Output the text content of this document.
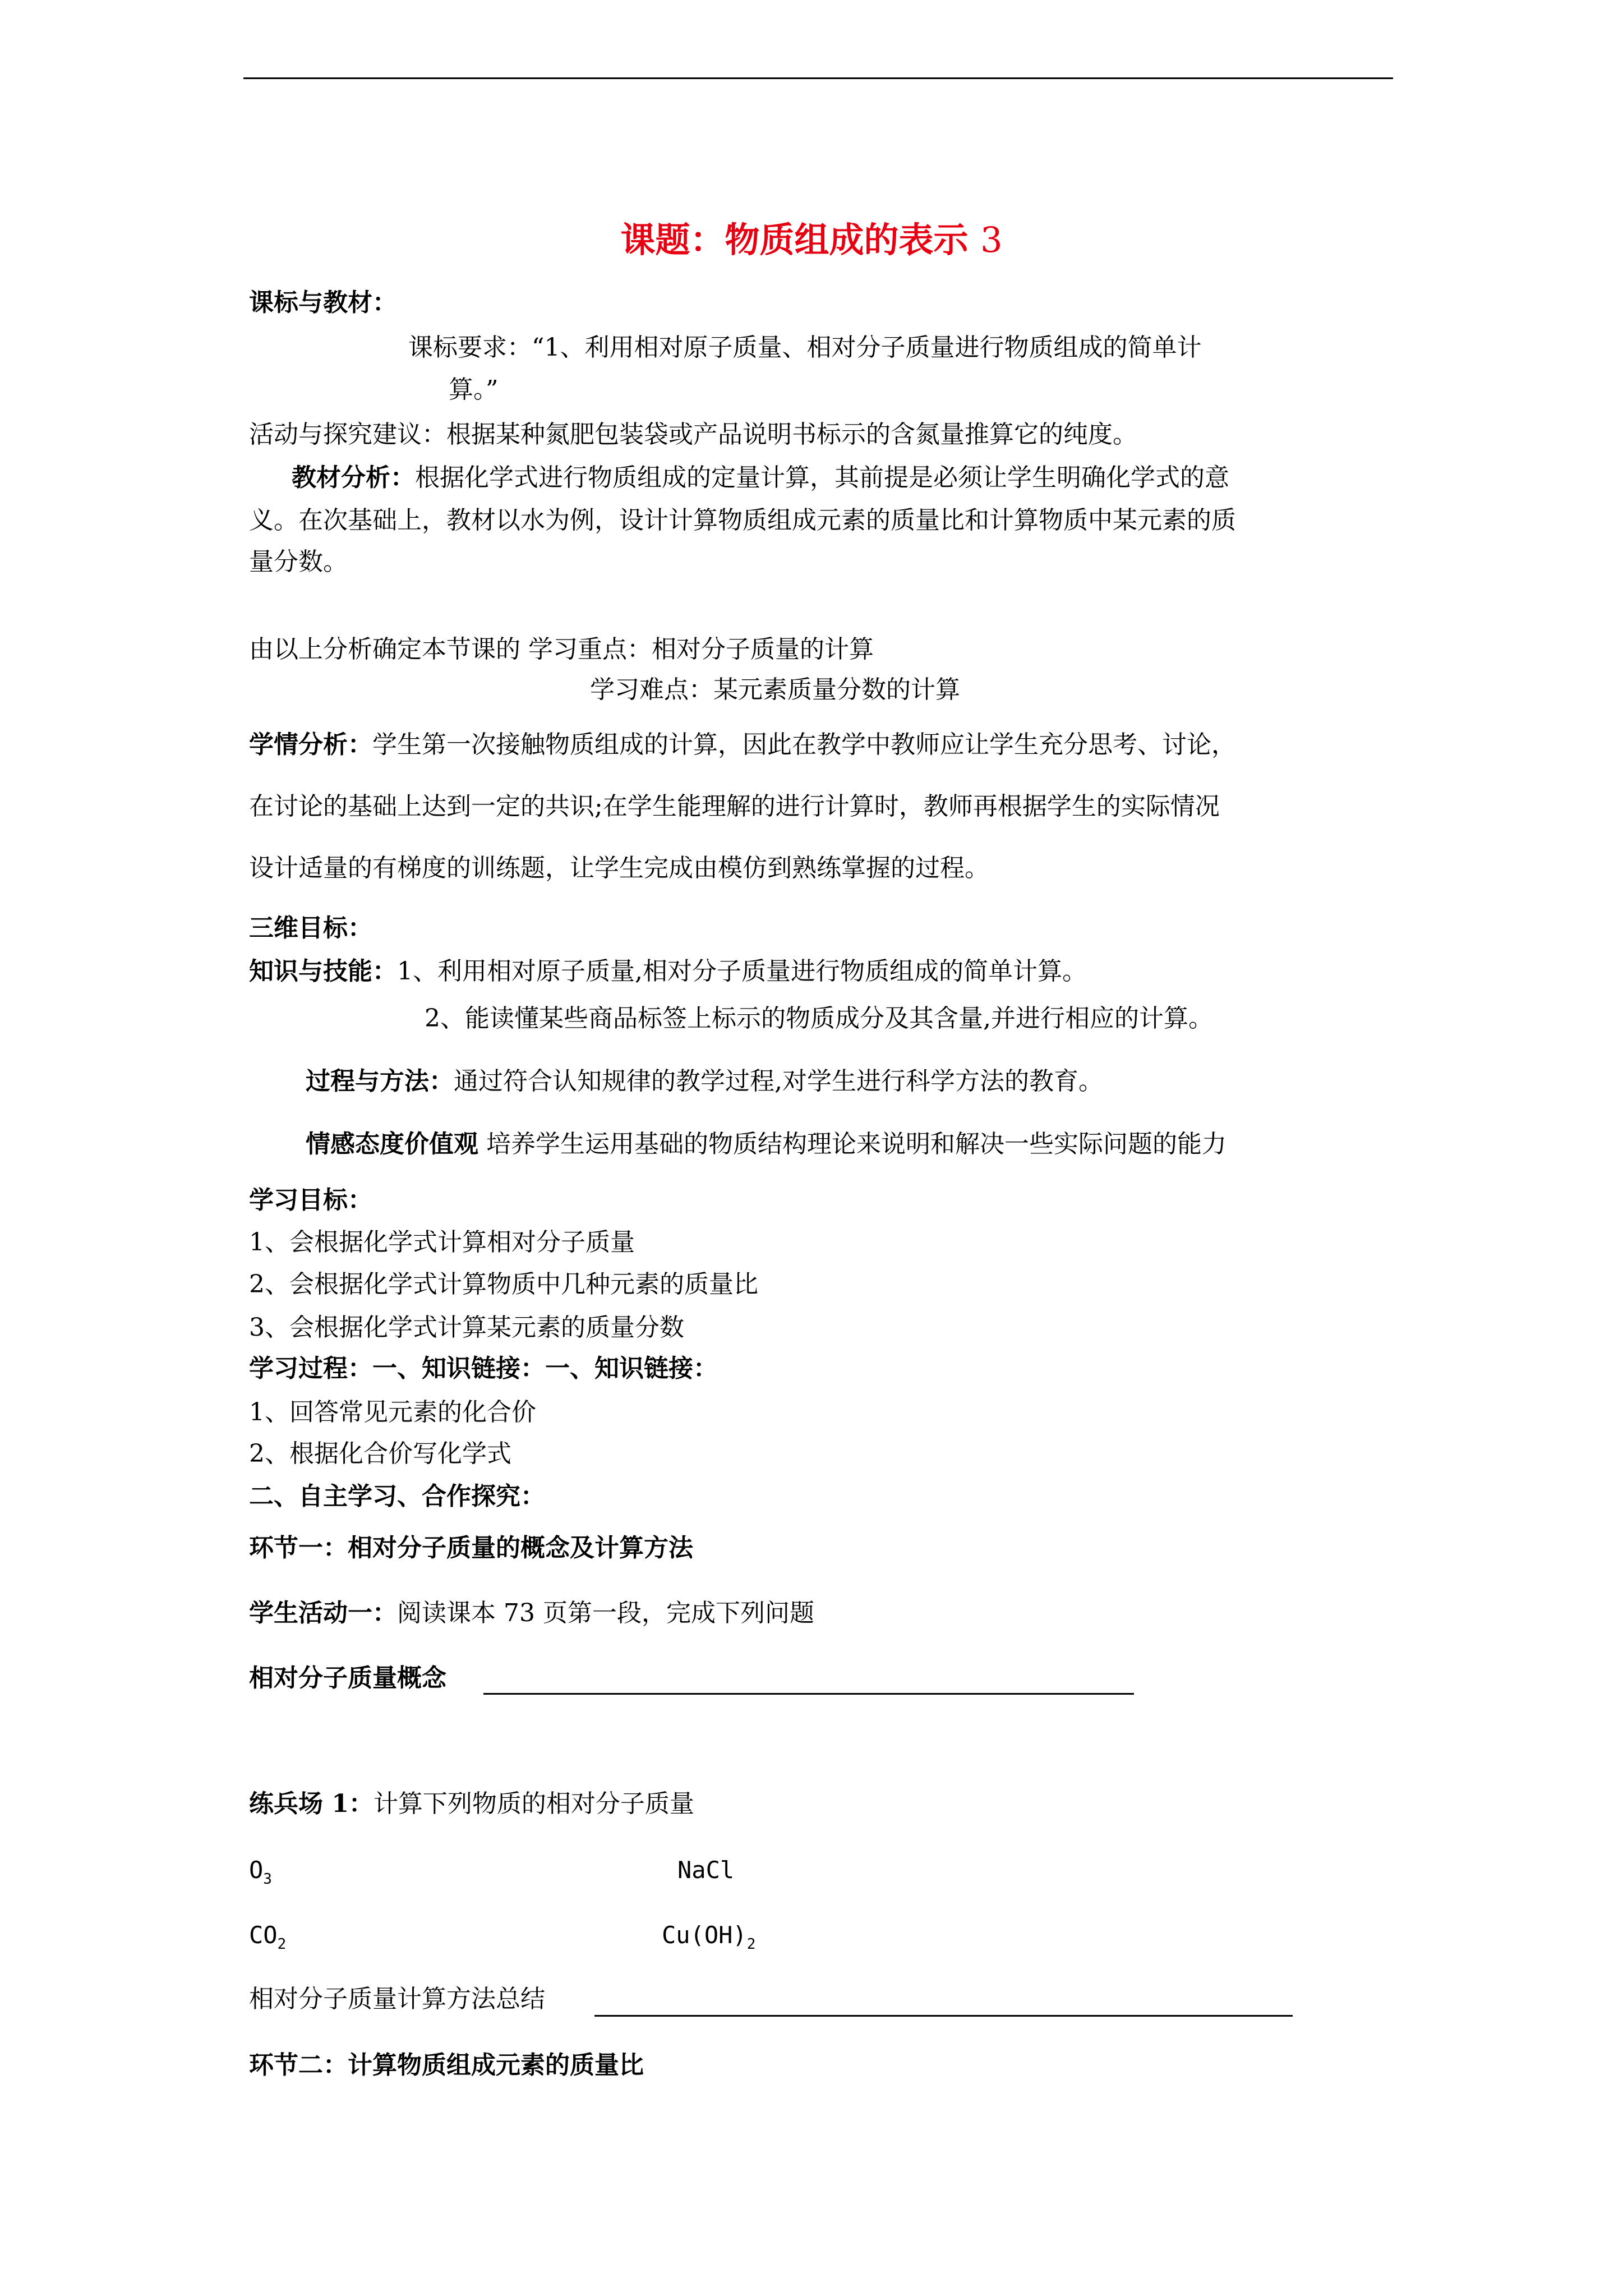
课题：物质组成的表示 3
课标与教材：
课标要求：“1、利用相对原子质量、相对分子质量进行物质组成的简单计
算。”
活动与探究建议：根据某种氮肥包装袋或产品说明书标示的含氮量推算它的纯度。
教材分析：根据化学式进行物质组成的定量计算，其前提是必须让学生明确化学式的意
义。在次基础上，教材以水为例，设计计算物质组成元素的质量比和计算物质中某元素的质
量分数。
由以上分析确定本节课的 学习重点：相对分子质量的计算
学习难点：某元素质量分数的计算
学情分析：学生第一次接触物质组成的计算，因此在教学中教师应让学生充分思考、讨论，
在讨论的基础上达到一定的共识;在学生能理解的进行计算时，教师再根据学生的实际情况
设计适量的有梯度的训练题，让学生完成由模仿到熟练掌握的过程。
三维目标：
知识与技能：1、利用相对原子质量,相对分子质量进行物质组成的简单计算。
2、能读懂某些商品标签上标示的物质成分及其含量,并进行相应的计算。
过程与方法：通过符合认知规律的教学过程,对学生进行科学方法的教育。
情感态度价值观 培养学生运用基础的物质结构理论来说明和解决一些实际问题的能力
学习目标：
1、会根据化学式计算相对分子质量
2、会根据化学式计算物质中几种元素的质量比
3、会根据化学式计算某元素的质量分数
学习过程：一、知识链接：一、知识链接：
1、回答常见元素的化合价
2、根据化合价写化学式
二、自主学习、合作探究：
环节一：相对分子质量的概念及计算方法
学生活动一：阅读课本 73 页第一段，完成下列问题
相对分子质量概念
练兵场 1：计算下列物质的相对分子质量
$O_3$	NaCl
$CO_2$	$Cu(OH)_2$
相对分子质量计算方法总结
环节二：计算物质组成元素的质量比
